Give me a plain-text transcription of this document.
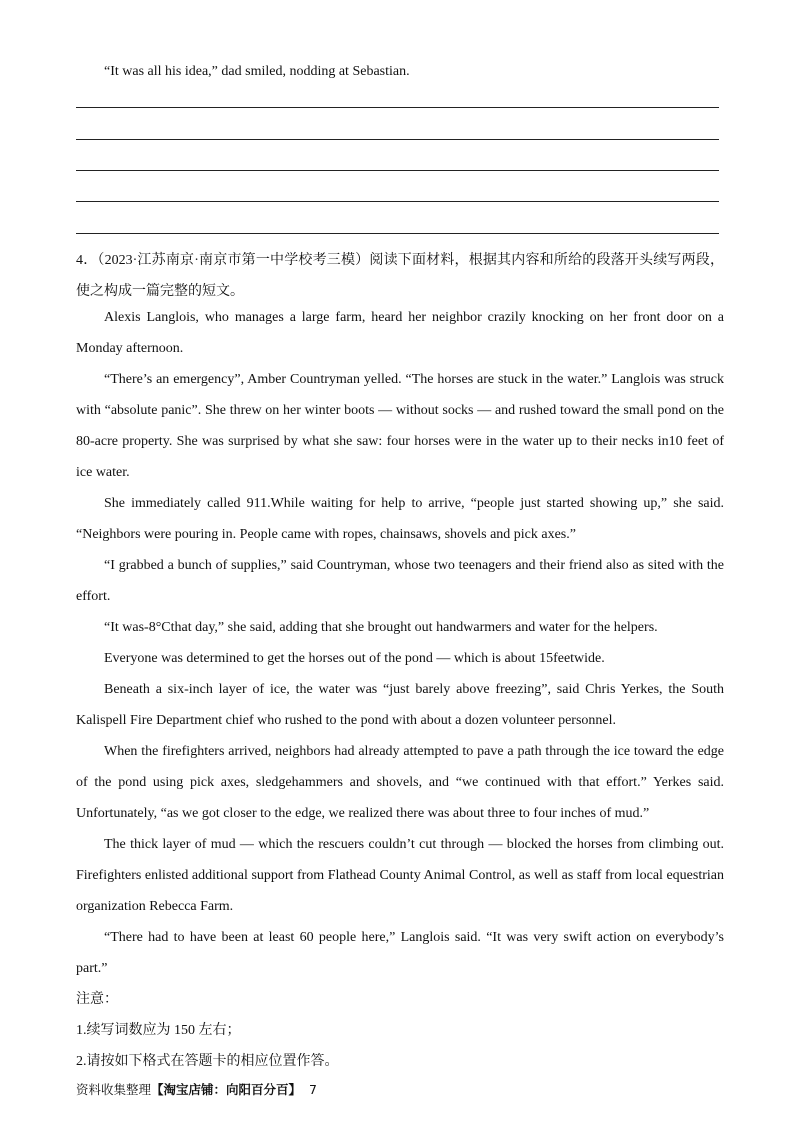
“It was all his idea,” dad smiled, nodding at Sebastian.
4．（2023·江苏南京·南京市第一中学校考三模）阅读下面材料，根据其内容和所给的段落开头续写两段，使之构成一篇完整的短文。

Alexis Langlois, who manages a large farm, heard her neighbor crazily knocking on her front door on a Monday afternoon.

“There’s an emergency”, Amber Countryman yelled. “The horses are stuck in the water.” Langlois was struck with “absolute panic”. She threw on her winter boots — without socks — and rushed toward the small pond on the 80-acre property. She was surprised by what she saw: four horses were in the water up to their necks in10 feet of ice water.

She immediately called 911.While waiting for help to arrive, “people just started showing up,” she said. “Neighbors were pouring in. People came with ropes, chainsaws, shovels and pick axes.”

“I grabbed a bunch of supplies,” said Countryman, whose two teenagers and their friend also as sited with the effort.

“It was-8°Cthat day,” she said, adding that she brought out handwarmers and water for the helpers.

Everyone was determined to get the horses out of the pond — which is about 15feetwide.

Beneath a six-inch layer of ice, the water was “just barely above freezing”, said Chris Yerkes, the South Kalispell Fire Department chief who rushed to the pond with about a dozen volunteer personnel.

When the firefighters arrived, neighbors had already attempted to pave a path through the ice toward the edge of the pond using pick axes, sledgehammers and shovels, and “we continued with that effort.” Yerkes said. Unfortunately, “as we got closer to the edge, we realized there was about three to four inches of mud.”

The thick layer of mud — which the rescuers couldn’t cut through — blocked the horses from climbing out. Firefighters enlisted additional support from Flathead County Animal Control, as well as staff from local equestrian organization Rebecca Farm.

“There had to have been at least 60 people here,” Langlois said. “It was very swift action on everybody’s part.”

注意：

1.续写词数应为 150 左右；

2.请按如下格式在答题卡的相应位置作答。

资料收集整理【淘宝店铺：向阳百分百】 7
